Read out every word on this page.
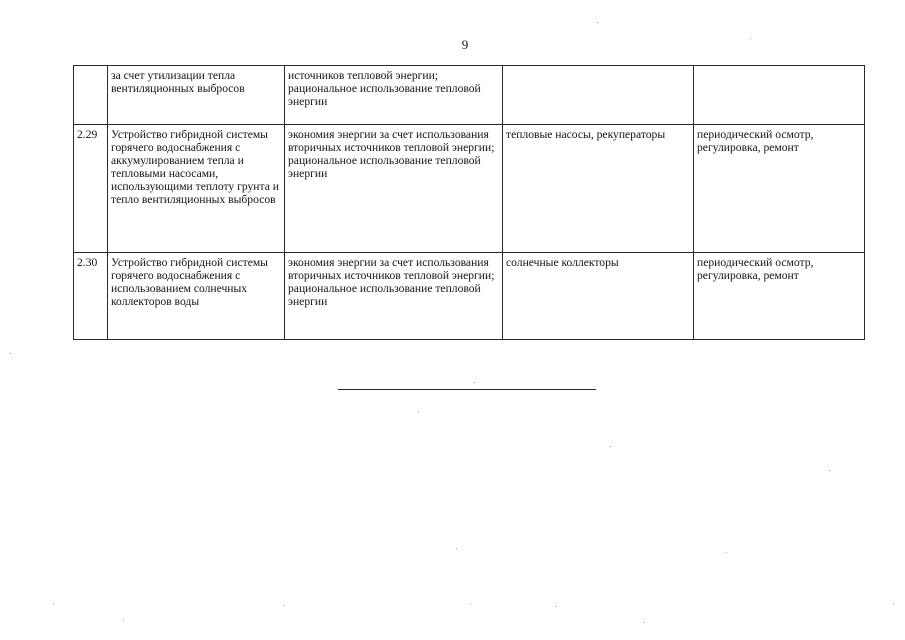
9
	за счет утилизации тепла вентиляционных выбросов	источников тепловой энергии; рациональное использование тепловой энергии		
2.29	Устройство гибридной системы горячего водоснабжения с аккумулированием тепла и тепловыми насосами, использующими теплоту грунта и тепло вентиляционных выбросов	экономия энергии за счет использования вторичных источников тепловой энергии; рациональное использование тепловой энергии	тепловые насосы, рекуператоры	периодический осмотр, регулировка, ремонт
2.30	Устройство гибридной системы горячего водоснабжения с использованием солнечных коллекторов воды	экономия энергии за счет использования вторичных источников тепловой энергии; рациональное использование тепловой энергии	солнечные коллекторы	периодический осмотр, регулировка, ремонт
